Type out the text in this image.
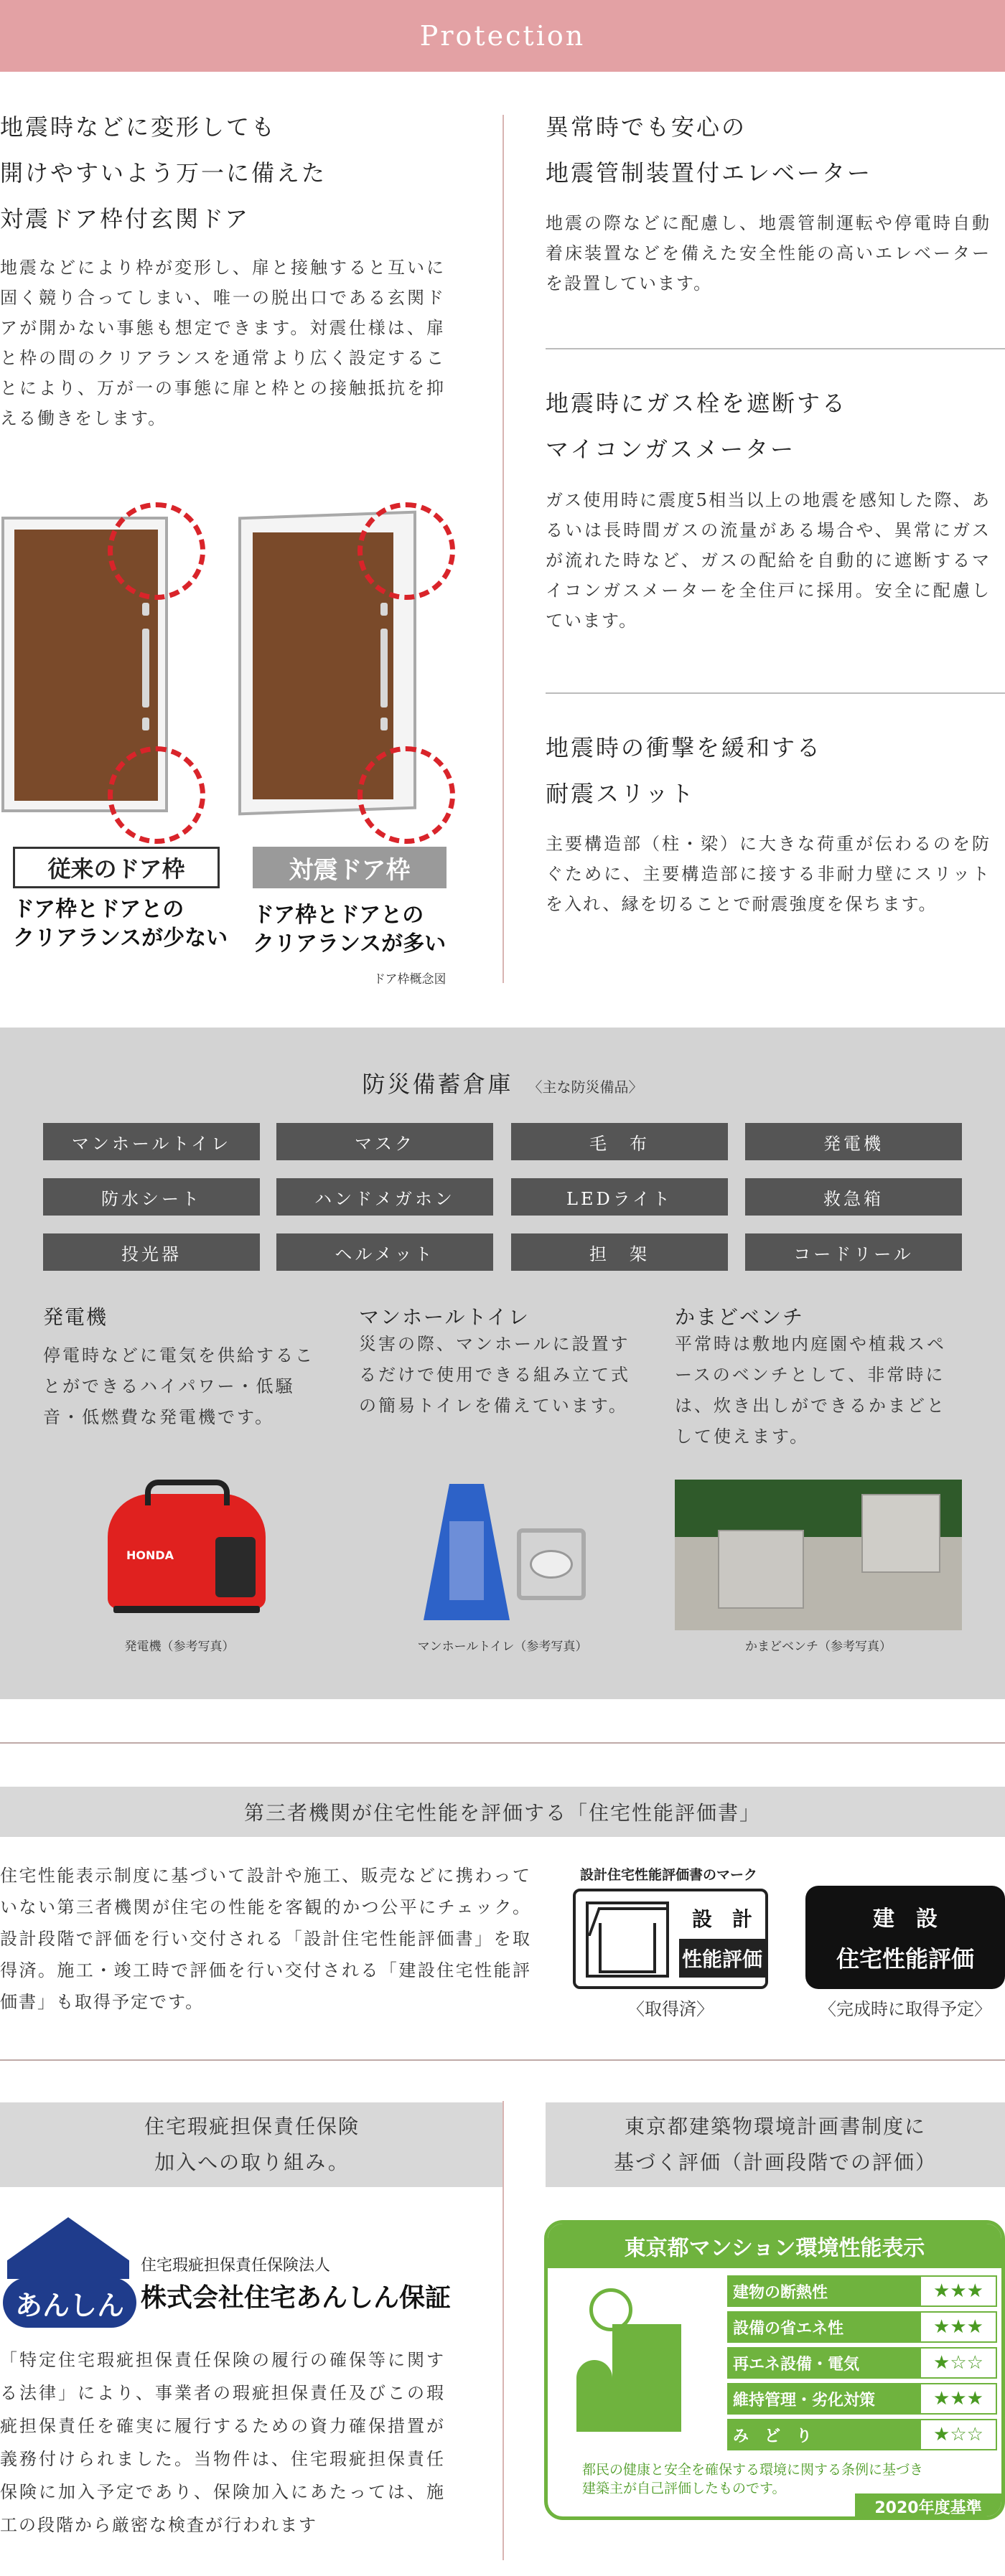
Protection
地震時などに変形しても
開けやすいよう万一に備えた
対震ドア枠付玄関ドア
地震などにより枠が変形し、扉と接触すると互いに固く競り合ってしまい、唯一の脱出口である玄関ドアが開かない事態も想定できます。対震仕様は、扉と枠の間のクリアランスを通常より広く設定することにより、万が一の事態に扉と枠との接触抵抗を抑える働きをします。
従来のドア枠	対震ドア枠
ドア枠とドアとの
クリアランスが少ない
ドア枠とドアとの
クリアランスが多い
ドア枠概念図
異常時でも安心の
地震管制装置付エレベーター
地震の際などに配慮し、地震管制運転や停電時自動着床装置などを備えた安全性能の高いエレベーターを設置しています。
地震時にガス栓を遮断する
マイコンガスメーター
ガス使用時に震度5相当以上の地震を感知した際、あるいは長時間ガスの流量がある場合や、異常にガスが流れた時など、ガスの配給を自動的に遮断するマイコンガスメーターを全住戸に採用。安全に配慮しています。
地震時の衝撃を緩和する
耐震スリット
主要構造部（柱・梁）に大きな荷重が伝わるのを防ぐために、主要構造部に接する非耐力壁にスリットを入れ、縁を切ることで耐震強度を保ちます。
防災備蓄倉庫 〈主な防災備品〉
マンホールトイレ	マスク	毛　布	発電機
防水シート	ハンドメガホン	LEDライト	救急箱
投光器	ヘルメット	担　架	コードリール
発電機
停電時などに電気を供給することができるハイパワー・低騒音・低燃費な発電機です。
HONDA
発電機（参考写真）
マンホールトイレ
災害の際、マンホールに設置するだけで使用できる組み立て式の簡易トイレを備えています。
マンホールトイレ（参考写真）
かまどベンチ
平常時は敷地内庭園や植栽スペースのベンチとして、非常時には、炊き出しができるかまどとして使えます。
かまどベンチ（参考写真）
第三者機関が住宅性能を評価する「住宅性能評価書」
住宅性能表示制度に基づいて設計や施工、販売などに携わっていない第三者機関が住宅の性能を客観的かつ公平にチェック。設計段階で評価を行い交付される「設計住宅性能評価書」を取得済。施工・竣工時で評価を行い交付される「建設住宅性能評価書」も取得予定です。
設計住宅性能評価書のマーク
設　計
性能評価
〈取得済〉
建　設
住宅性能評価
〈完成時に取得予定〉
住宅瑕疵担保責任保険
加入への取り組み。
あんしん
住宅瑕疵担保責任保険法人
株式会社住宅あんしん保証
「特定住宅瑕疵担保責任保険の履行の確保等に関する法律」により、事業者の瑕疵担保責任及びこの瑕疵担保責任を確実に履行するための資力確保措置が義務付けられました。当物件は、住宅瑕疵担保責任保険に加入予定であり、保険加入にあたっては、施工の段階から厳密な検査が行われます
東京都建築物環境計画書制度に
基づく評価（計画段階での評価）
東京都マンション環境性能表示
建物の断熱性	★★★
設備の省エネ性	★★★
再エネ設備・電気	★☆☆
維持管理・劣化対策	★★★
み　ど　り	★☆☆
都民の健康と安全を確保する環境に関する条例に基づき
建築主が自己評価したものです。
2020年度基準
